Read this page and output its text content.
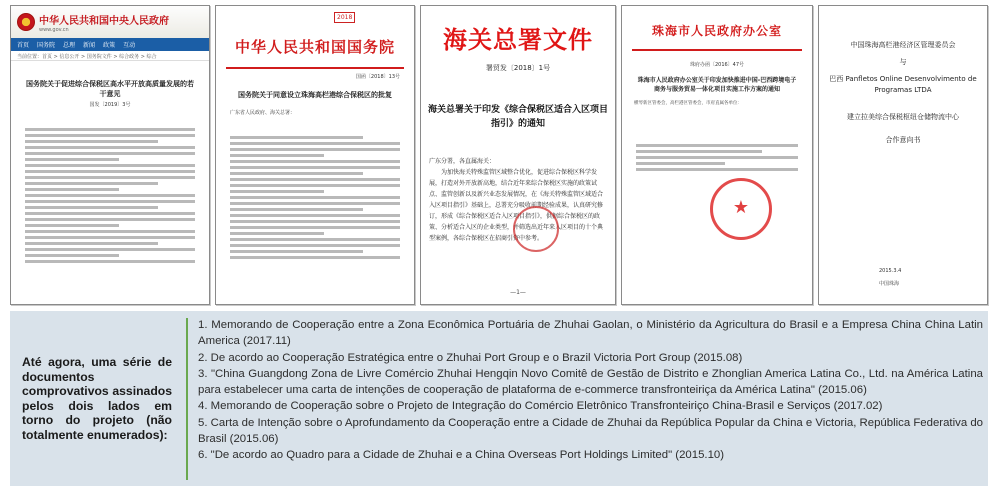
中华人民共和国中央人民政府
www.gov.cn
首页 国务院 总理 新闻 政策 互动
当前位置：首页 > 信息公开 > 国务院文件 > 综合政务 > 综合
国务院关于促进综合保税区高水平开放高质量发展的若干意见
国发〔2019〕3号
2018
中华人民共和国国务院
国函〔2018〕13号
国务院关于同意设立珠海高栏港综合保税区的批复
广东省人民政府、海关总署：
海关总署文件
署贸发〔2018〕1号
海关总署关于印发《综合保税区适合入区项目指引》的通知
广东分署，各直属海关：
为加快海关特殊监管区域整合优化，促进综合保税区科学发展，打造对外开放新高地，结合近年来综合保税区实施的政策试点、监管创新以及新兴业态发展情况，在《海关特殊监管区域适合入区项目指引》基础上，总署充分吸收前期经验成果，认真研究修订，形成《综合保税区适合入区项目指引》，供据综合保税区的政策、分析适合入区的企业类型，并筛选出近年来入区项目的十个典型案例，各综合保税区在招商引资中参考。
—1—
珠海市人民政府办公室
珠府办函〔2016〕47号
珠海市人民政府办公室关于印发加快推进中国-巴西跨境电子商务与服务贸易一体化项目实施工作方案的通知
横琴新区管委会，高栏港区管委会，市府直属各单位：
★
中国珠海高栏港经济区管理委员会
与
巴西 Panfletos Online Desenvolvimento de Programas LTDA
建立拉美综合保税枢纽仓储物流中心
合作意向书
2015.3.4
中国珠海
Até agora, uma série de documentos comprovativos assinados pelos dois lados em torno do projeto (não totalmente enumerados):
1. Memorando de Cooperação entre a Zona Econômica Portuária de Zhuhai Gaolan, o Ministério da Agricultura do Brasil e a Empresa China China Latin America (2017.11)
2. De acordo ao Cooperação Estratégica entre o Zhuhai Port Group e o Brazil Victoria Port Group (2015.08)
3. "China Guangdong Zona de Livre Comércio Zhuhai Hengqin Novo Comitê de Gestão de Distrito e Zhonglian America Latina Co., Ltd. na América Latina para estabelecer uma carta de intenções de cooperação de plataforma de e-commerce transfronteiriça da América Latina" (2015.06)
4. Memorando de Cooperação sobre o Projeto de Integração do Comércio Eletrônico Transfronteiriço China-Brasil e Serviços (2017.02)
5. Carta de Intenção sobre o Aprofundamento da Cooperação entre a Cidade de Zhuhai da República Popular da China e Victoria, República Federativa do Brasil (2015.06)
6. "De acordo ao Quadro para a Cidade de Zhuhai e a China Overseas Port Holdings Limited" (2015.10)
